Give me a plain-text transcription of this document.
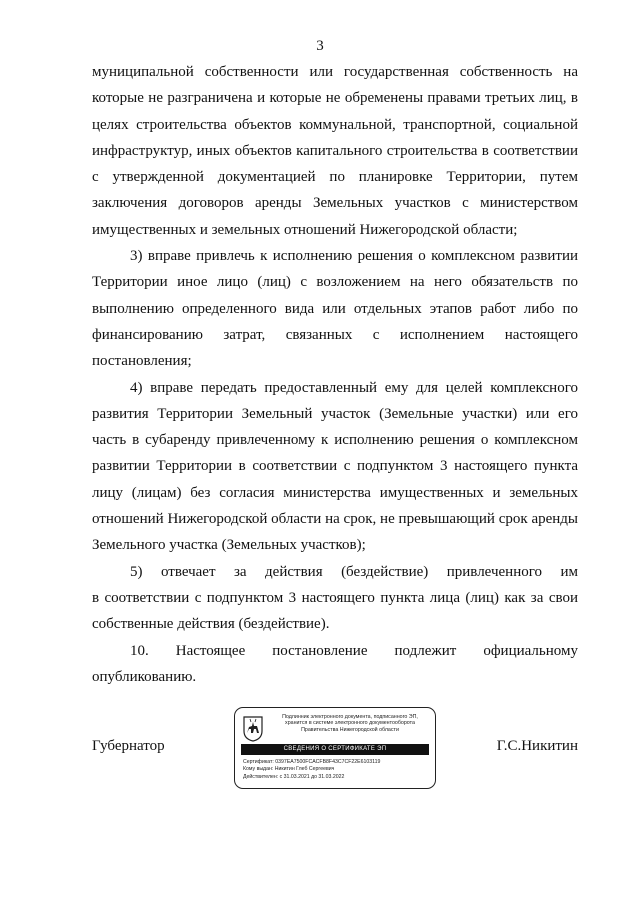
3

муниципальной собственности или государственная собственность на которые не разграничена и которые не обременены правами третьих лиц, в целях строительства объектов коммунальной, транспортной, социальной инфраструктур, иных объектов капитального строительства в соответствии с утвержденной документацией по планировке Территории, путем заключения договоров аренды Земельных участков с министерством имущественных и земельных отношений Нижегородской области;

3) вправе привлечь к исполнению решения о комплексном развитии Территории иное лицо (лиц) с возложением на него обязательств по выполнению определенного вида или отдельных этапов работ либо по финансированию затрат, связанных с исполнением настоящего постановления;

4) вправе передать предоставленный ему для целей комплексного развития Территории Земельный участок (Земельные участки) или его часть в субаренду привлеченному к исполнению решения о комплексном развитии Территории в соответствии с подпунктом 3 настоящего пункта лицу (лицам) без согласия министерства имущественных и земельных отношений Нижегородской области на срок, не превышающий срок аренды Земельного участка (Земельных участков);

5) отвечает за действия (бездействие) привлеченного им

в соответствии с подпунктом 3 настоящего пункта лица (лиц) как за свои собственные действия (бездействие).

10. Настоящее постановление подлежит официальному

опубликованию.

Губернатор
Подлинник электронного документа, подписанного ЭП,
хранится в системе электронного документооборота
Правительства Нижегородской области
СВЕДЕНИЯ О СЕРТИФИКАТЕ ЭП
Сертификат: 0397EA7500FCACFB8F43C7CF22E6103119
Кому выдан: Никитин Глеб Сергеевич
Действителен: с 31.03.2021 до 31.03.2022
Г.С.Никитин
